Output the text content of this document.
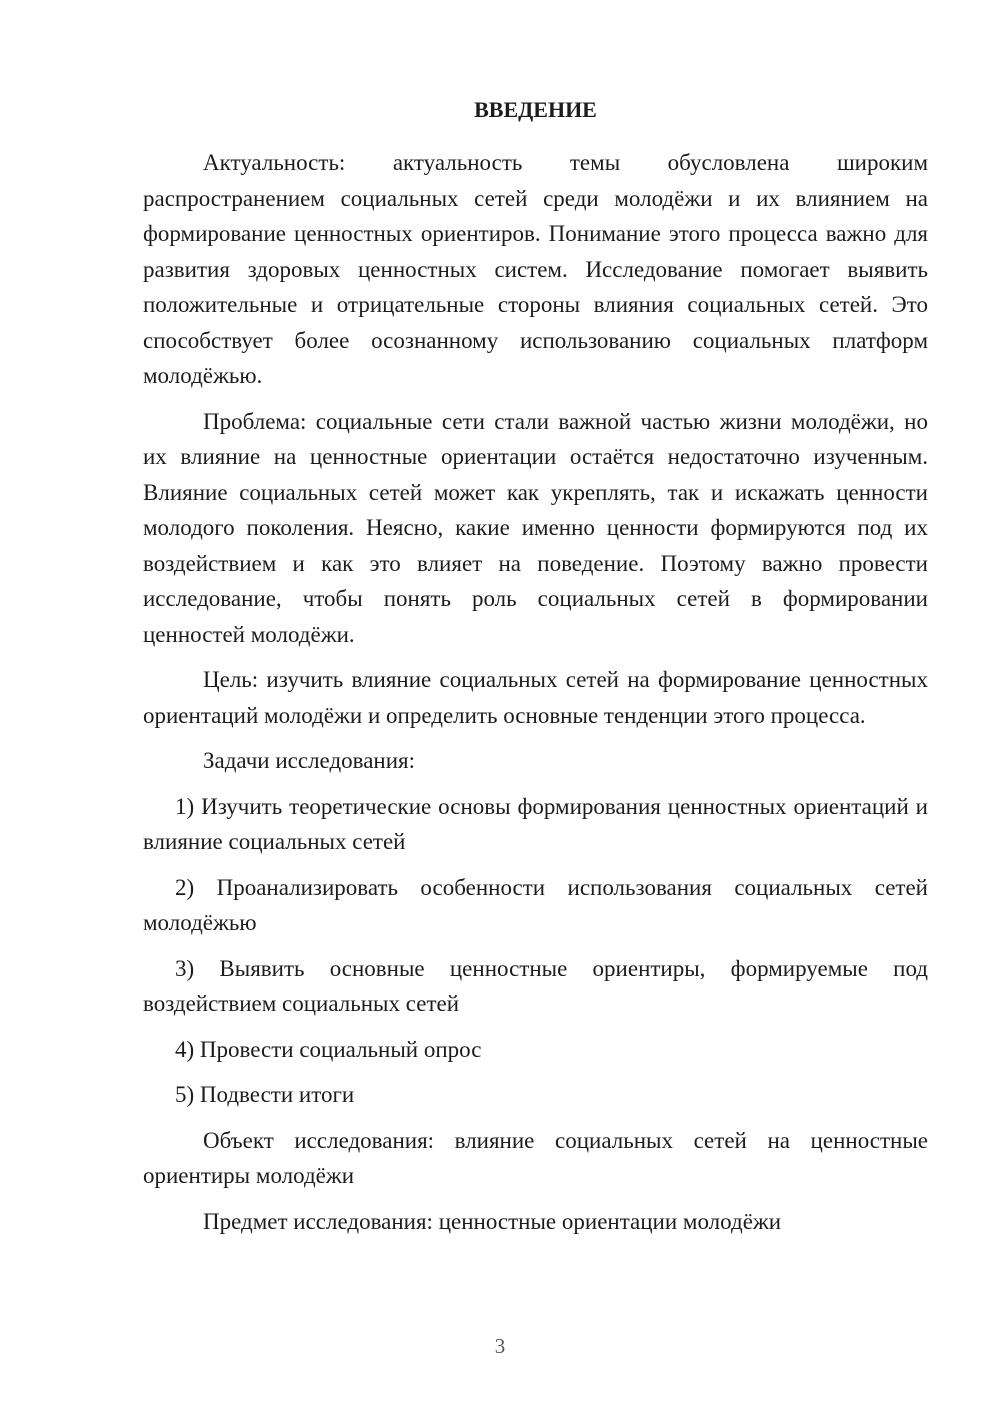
ВВЕДЕНИЕ

Актуальность: актуальность темы обусловлена широким распространением социальных сетей среди молодёжи и их влиянием на формирование ценностных ориентиров. Понимание этого процесса важно для развития здоровых ценностных систем. Исследование помогает выявить положительные и отрицательные стороны влияния социальных сетей. Это способствует более осознанному использованию социальных платформ молодёжью.

Проблема: социальные сети стали важной частью жизни молодёжи, но их влияние на ценностные ориентации остаётся недостаточно изученным. Влияние социальных сетей может как укреплять, так и искажать ценности молодого поколения. Неясно, какие именно ценности формируются под их воздействием и как это влияет на поведение. Поэтому важно провести исследование, чтобы понять роль социальных сетей в формировании ценностей молодёжи.

Цель: изучить влияние социальных сетей на формирование ценностных ориентаций молодёжи и определить основные тенденции этого процесса.

Задачи исследования:

1) Изучить теоретические основы формирования ценностных ориентаций и влияние социальных сетей

2) Проанализировать особенности использования социальных сетей молодёжью

3) Выявить основные ценностные ориентиры, формируемые под воздействием социальных сетей

4) Провести социальный опрос

5) Подвести итоги

Объект исследования: влияние социальных сетей на ценностные ориентиры молодёжи

Предмет исследования: ценностные ориентации молодёжи

3
